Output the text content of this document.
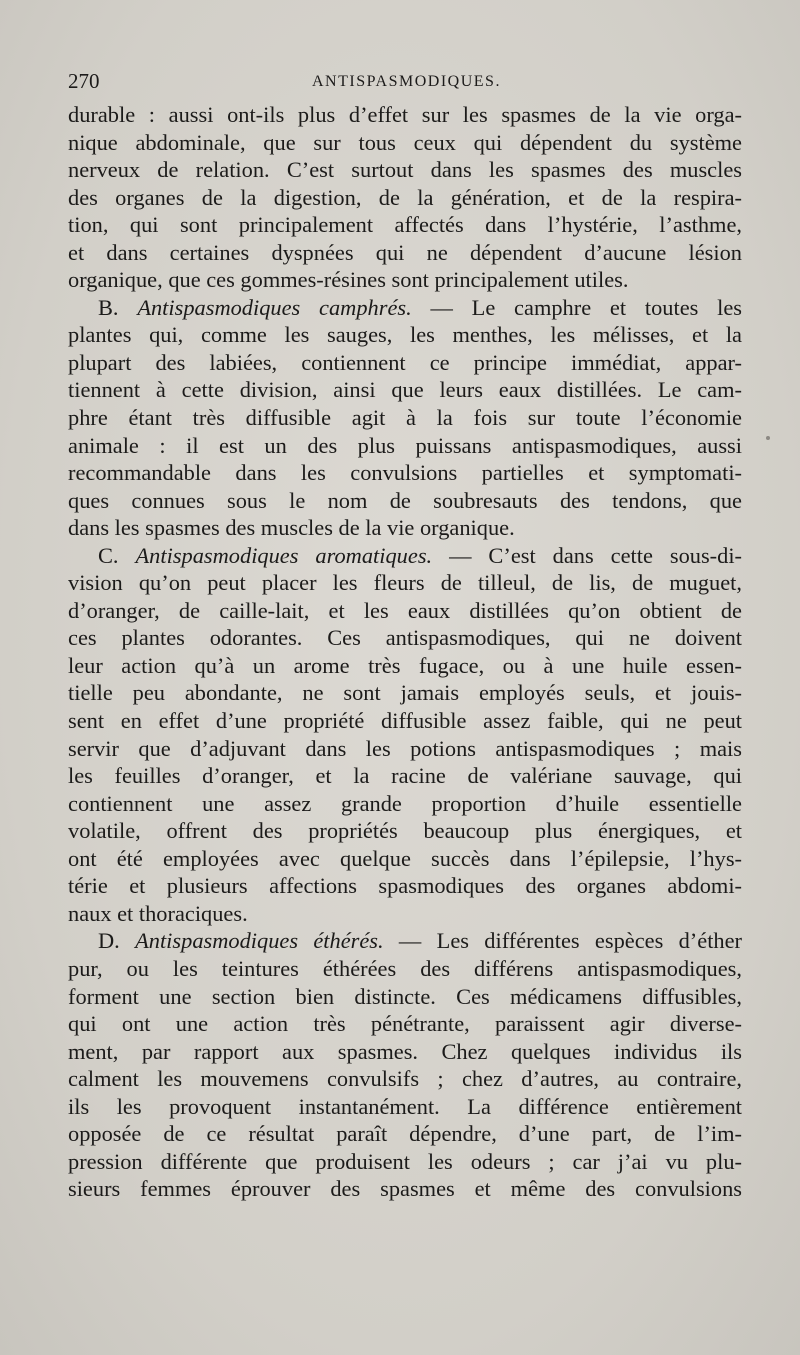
270	ANTISPASMODIQUES.
durable : aussi ont-ils plus d’effet sur les spasmes de la vie orga-
nique abdominale, que sur tous ceux qui dépendent du système
nerveux de relation. C’est surtout dans les spasmes des muscles
des organes de la digestion, de la génération, et de la respira-
tion, qui sont principalement affectés dans l’hystérie, l’asthme,
et dans certaines dyspnées qui ne dépendent d’aucune lésion
organique, que ces gommes-résines sont principalement utiles.
B. Antispasmodiques camphrés. — Le camphre et toutes les
plantes qui, comme les sauges, les menthes, les mélisses, et la
plupart des labiées, contiennent ce principe immédiat, appar-
tiennent à cette division, ainsi que leurs eaux distillées. Le cam-
phre étant très diffusible agit à la fois sur toute l’économie
animale : il est un des plus puissans antispasmodiques, aussi
recommandable dans les convulsions partielles et symptomati-
ques connues sous le nom de soubresauts des tendons, que
dans les spasmes des muscles de la vie organique.
C. Antispasmodiques aromatiques. — C’est dans cette sous-di-
vision qu’on peut placer les fleurs de tilleul, de lis, de muguet,
d’oranger, de caille-lait, et les eaux distillées qu’on obtient de
ces plantes odorantes. Ces antispasmodiques, qui ne doivent
leur action qu’à un arome très fugace, ou à une huile essen-
tielle peu abondante, ne sont jamais employés seuls, et jouis-
sent en effet d’une propriété diffusible assez faible, qui ne peut
servir que d’adjuvant dans les potions antispasmodiques ; mais
les feuilles d’oranger, et la racine de valériane sauvage, qui
contiennent une assez grande proportion d’huile essentielle
volatile, offrent des propriétés beaucoup plus énergiques, et
ont été employées avec quelque succès dans l’épilepsie, l’hys-
térie et plusieurs affections spasmodiques des organes abdomi-
naux et thoraciques.
D. Antispasmodiques éthérés. — Les différentes espèces d’éther
pur, ou les teintures éthérées des différens antispasmodiques,
forment une section bien distincte. Ces médicamens diffusibles,
qui ont une action très pénétrante, paraissent agir diverse-
ment, par rapport aux spasmes. Chez quelques individus ils
calment les mouvemens convulsifs ; chez d’autres, au contraire,
ils les provoquent instantanément. La différence entièrement
opposée de ce résultat paraît dépendre, d’une part, de l’im-
pression différente que produisent les odeurs ; car j’ai vu plu-
sieurs femmes éprouver des spasmes et même des convulsions
